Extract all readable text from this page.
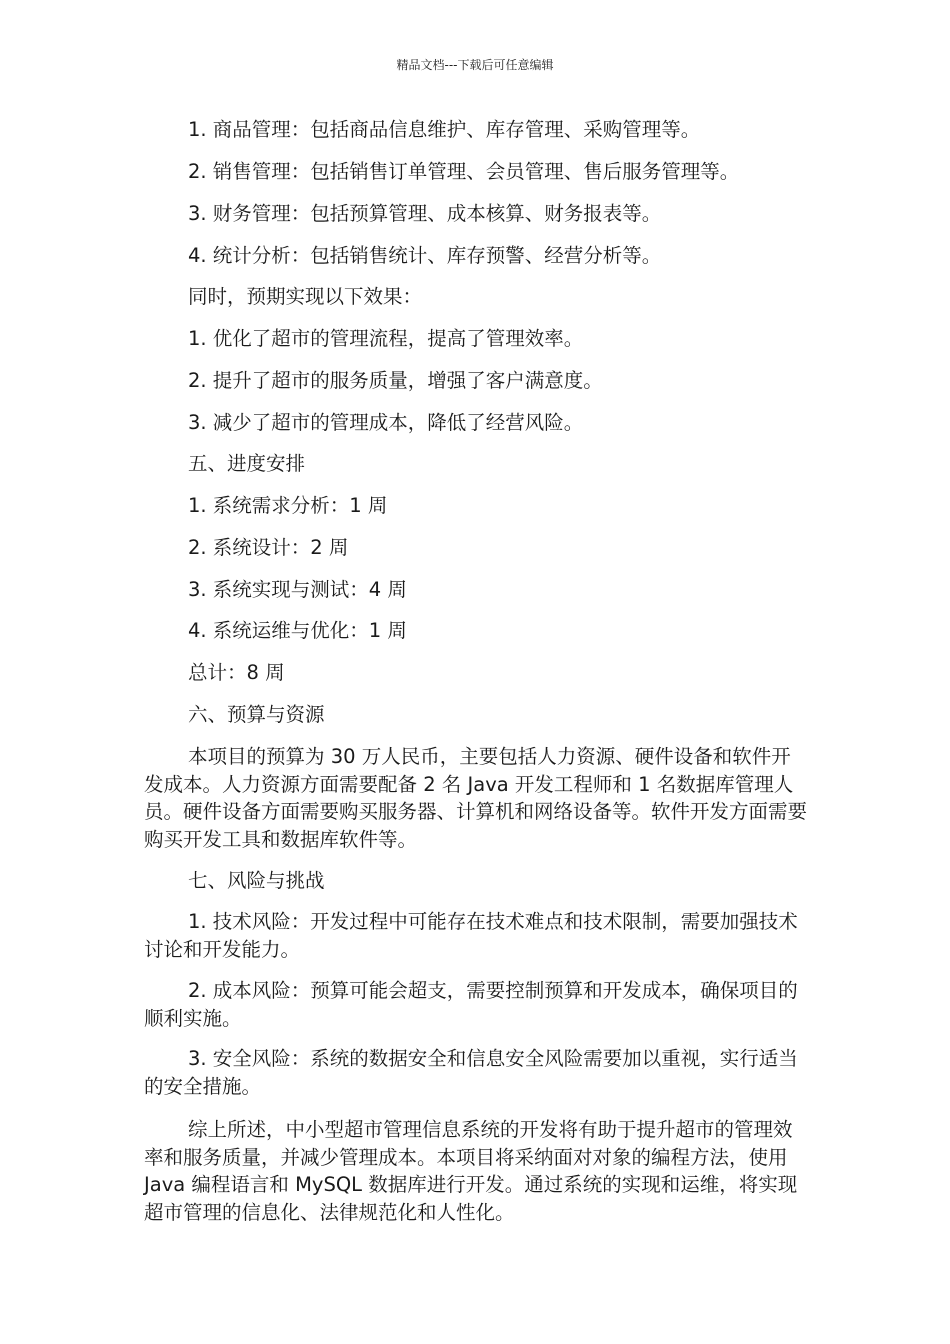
精品文档---下载后可任意编辑
1. 商品管理：包括商品信息维护、库存管理、采购管理等。
2. 销售管理：包括销售订单管理、会员管理、售后服务管理等。
3. 财务管理：包括预算管理、成本核算、财务报表等。
4. 统计分析：包括销售统计、库存预警、经营分析等。
同时，预期实现以下效果：
1. 优化了超市的管理流程，提高了管理效率。
2. 提升了超市的服务质量，增强了客户满意度。
3. 减少了超市的管理成本，降低了经营风险。
五、进度安排
1. 系统需求分析：1 周
2. 系统设计：2 周
3. 系统实现与测试：4 周
4. 系统运维与优化：1 周
总计：8 周
六、预算与资源
本项目的预算为 30 万人民币，主要包括人力资源、硬件设备和软件开发成本。人力资源方面需要配备 2 名 Java 开发工程师和 1 名数据库管理人员。硬件设备方面需要购买服务器、计算机和网络设备等。软件开发方面需要购买开发工具和数据库软件等。
七、风险与挑战
1. 技术风险：开发过程中可能存在技术难点和技术限制，需要加强技术讨论和开发能力。
2. 成本风险：预算可能会超支，需要控制预算和开发成本，确保项目的顺利实施。
3. 安全风险：系统的数据安全和信息安全风险需要加以重视，实行适当的安全措施。
综上所述，中小型超市管理信息系统的开发将有助于提升超市的管理效率和服务质量，并减少管理成本。本项目将采纳面对对象的编程方法，使用 Java 编程语言和 MySQL 数据库进行开发。通过系统的实现和运维，将实现超市管理的信息化、法律规范化和人性化。
